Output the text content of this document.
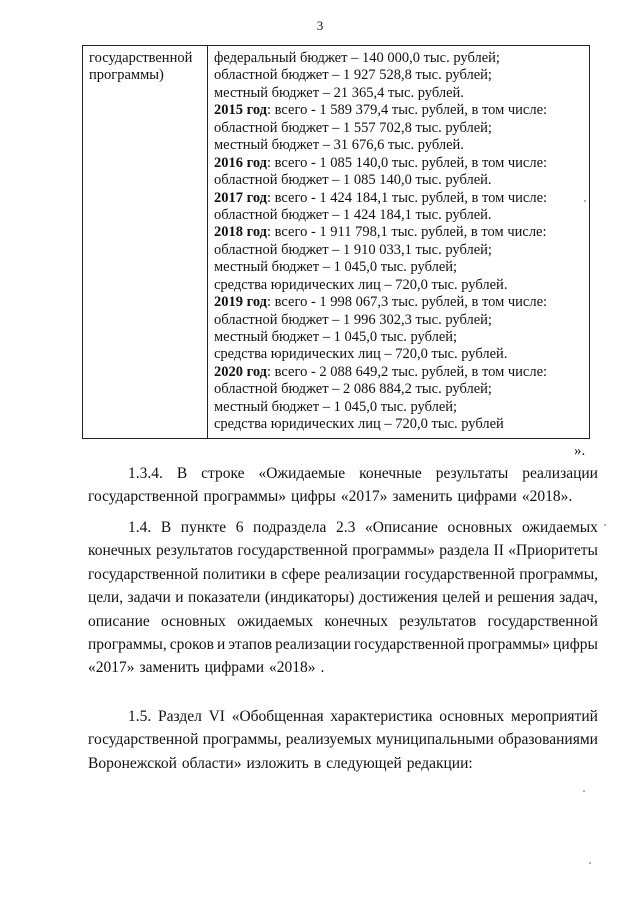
3
государственной
программы)
федеральный бюджет – 140 000,0 тыс. рублей;
областной бюджет – 1 927 528,8 тыс. рублей;
местный бюджет – 21 365,4 тыс. рублей.
2015 год: всего - 1 589 379,4 тыс. рублей, в том числе:
областной бюджет – 1 557 702,8 тыс. рублей;
местный бюджет – 31 676,6 тыс. рублей.
2016 год: всего - 1 085 140,0 тыс. рублей, в том числе:
областной бюджет – 1 085 140,0 тыс. рублей.
2017 год: всего - 1 424 184,1 тыс. рублей, в том числе:
областной бюджет – 1 424 184,1 тыс. рублей.
2018 год: всего - 1 911 798,1 тыс. рублей, в том числе:
областной бюджет – 1 910 033,1 тыс. рублей;
местный бюджет – 1 045,0 тыс. рублей;
средства юридических лиц – 720,0 тыс. рублей.
2019 год: всего - 1 998 067,3 тыс. рублей, в том числе:
областной бюджет – 1 996 302,3 тыс. рублей;
местный бюджет – 1 045,0 тыс. рублей;
средства юридических лиц – 720,0 тыс. рублей.
2020 год: всего - 2 088 649,2 тыс. рублей, в том числе:
областной бюджет – 2 086 884,2 тыс. рублей;
местный бюджет – 1 045,0 тыс. рублей;
средства юридических лиц – 720,0 тыс. рублей
».
1.3.4. В строке «Ожидаемые конечные результаты реализации
государственной программы» цифры «2017» заменить цифрами «2018».
1.4. В пункте 6 подраздела 2.3 «Описание основных ожидаемых
конечных результатов государственной программы» раздела II «Приоритеты
государственной политики в сфере реализации государственной программы,
цели, задачи и показатели (индикаторы) достижения целей и решения задач,
описание основных ожидаемых конечных результатов государственной
программы, сроков и этапов реализации государственной программы» цифры
«2017» заменить цифрами «2018» .
1.5. Раздел VI «Обобщенная характеристика основных мероприятий
государственной программы, реализуемых муниципальными образованиями
Воронежской области» изложить в следующей редакции:
